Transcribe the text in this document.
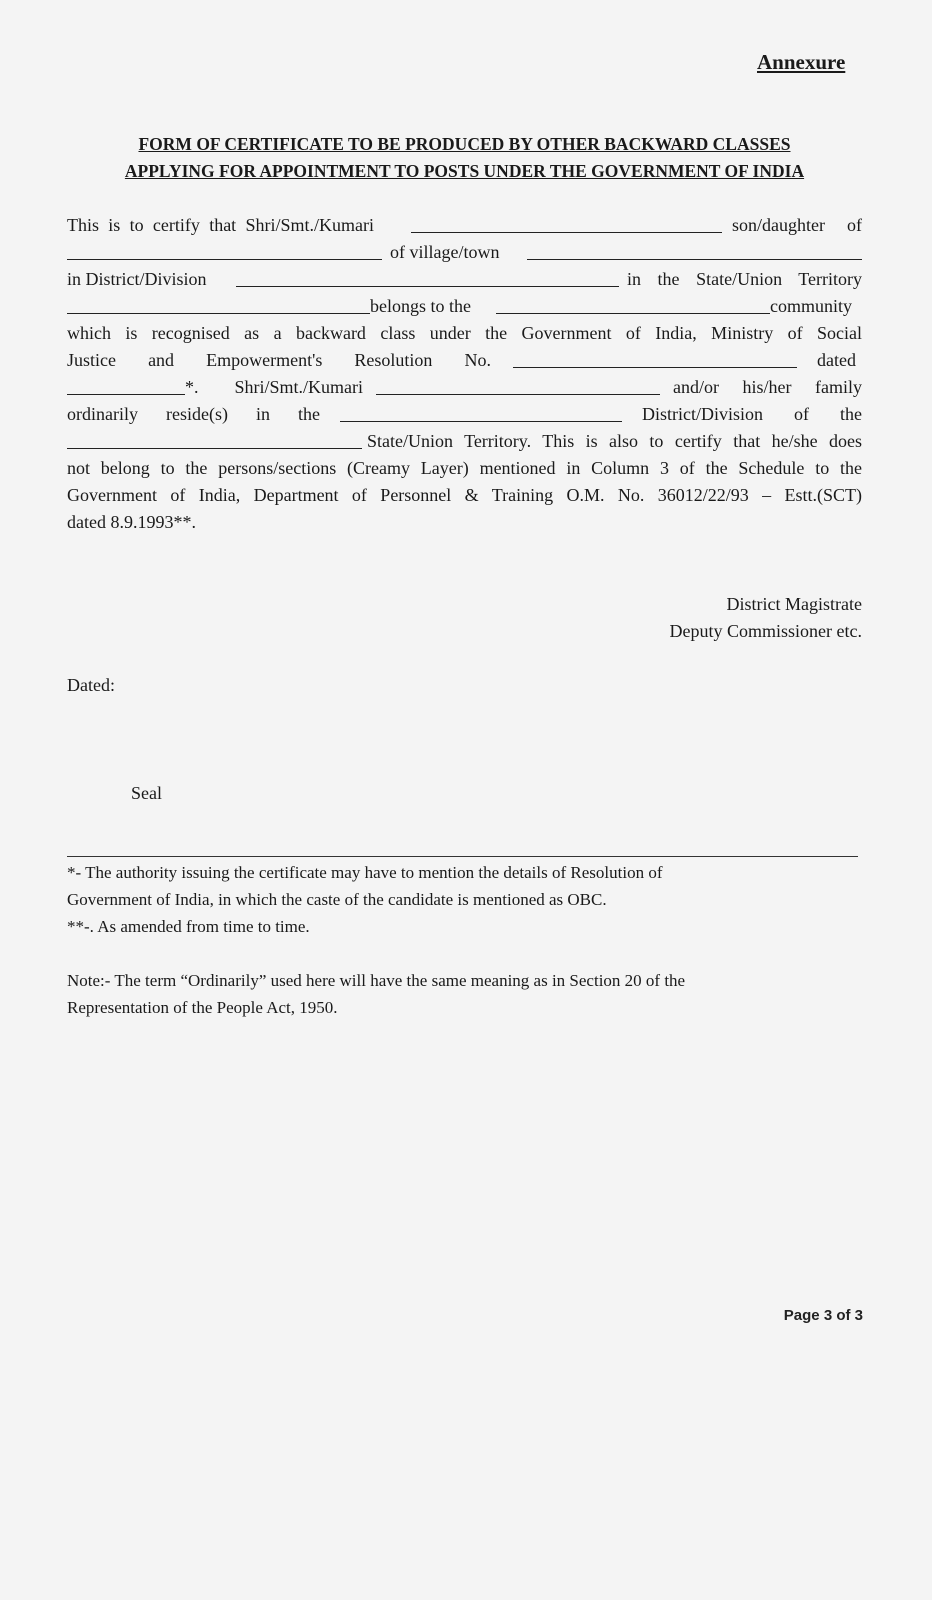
Annexure
FORM OF CERTIFICATE TO BE PRODUCED BY OTHER BACKWARD CLASSES
APPLYING FOR APPOINTMENT TO POSTS UNDER THE GOVERNMENT OF INDIA
This is to certify that Shri/Smt./Kumari	son/daughter of
of village/town
in District/Division	in the State/Union Territory
belongs to the	community
which is recognised as a backward class under the Government of India, Ministry of Social
Justice and Empowerment's Resolution No.	dated
*. Shri/Smt./Kumari	and/or his/her family
ordinarily reside(s) in the	District/Division of the
State/Union Territory. This is also to certify that he/she does
not belong to the persons/sections (Creamy Layer) mentioned in Column 3 of the Schedule to the
Government of India, Department of Personnel & Training O.M. No. 36012/22/93 – Estt.(SCT)
dated 8.9.1993**.
District Magistrate
Deputy Commissioner etc.
Dated:
Seal
*- The authority issuing the certificate may have to mention the details of Resolution of
Government of India, in which the caste of the candidate is mentioned as OBC.
**-. As amended from time to time.
Note:- The term “Ordinarily” used here will have the same meaning as in Section 20 of the
Representation of the People Act, 1950.
Page 3 of 3
